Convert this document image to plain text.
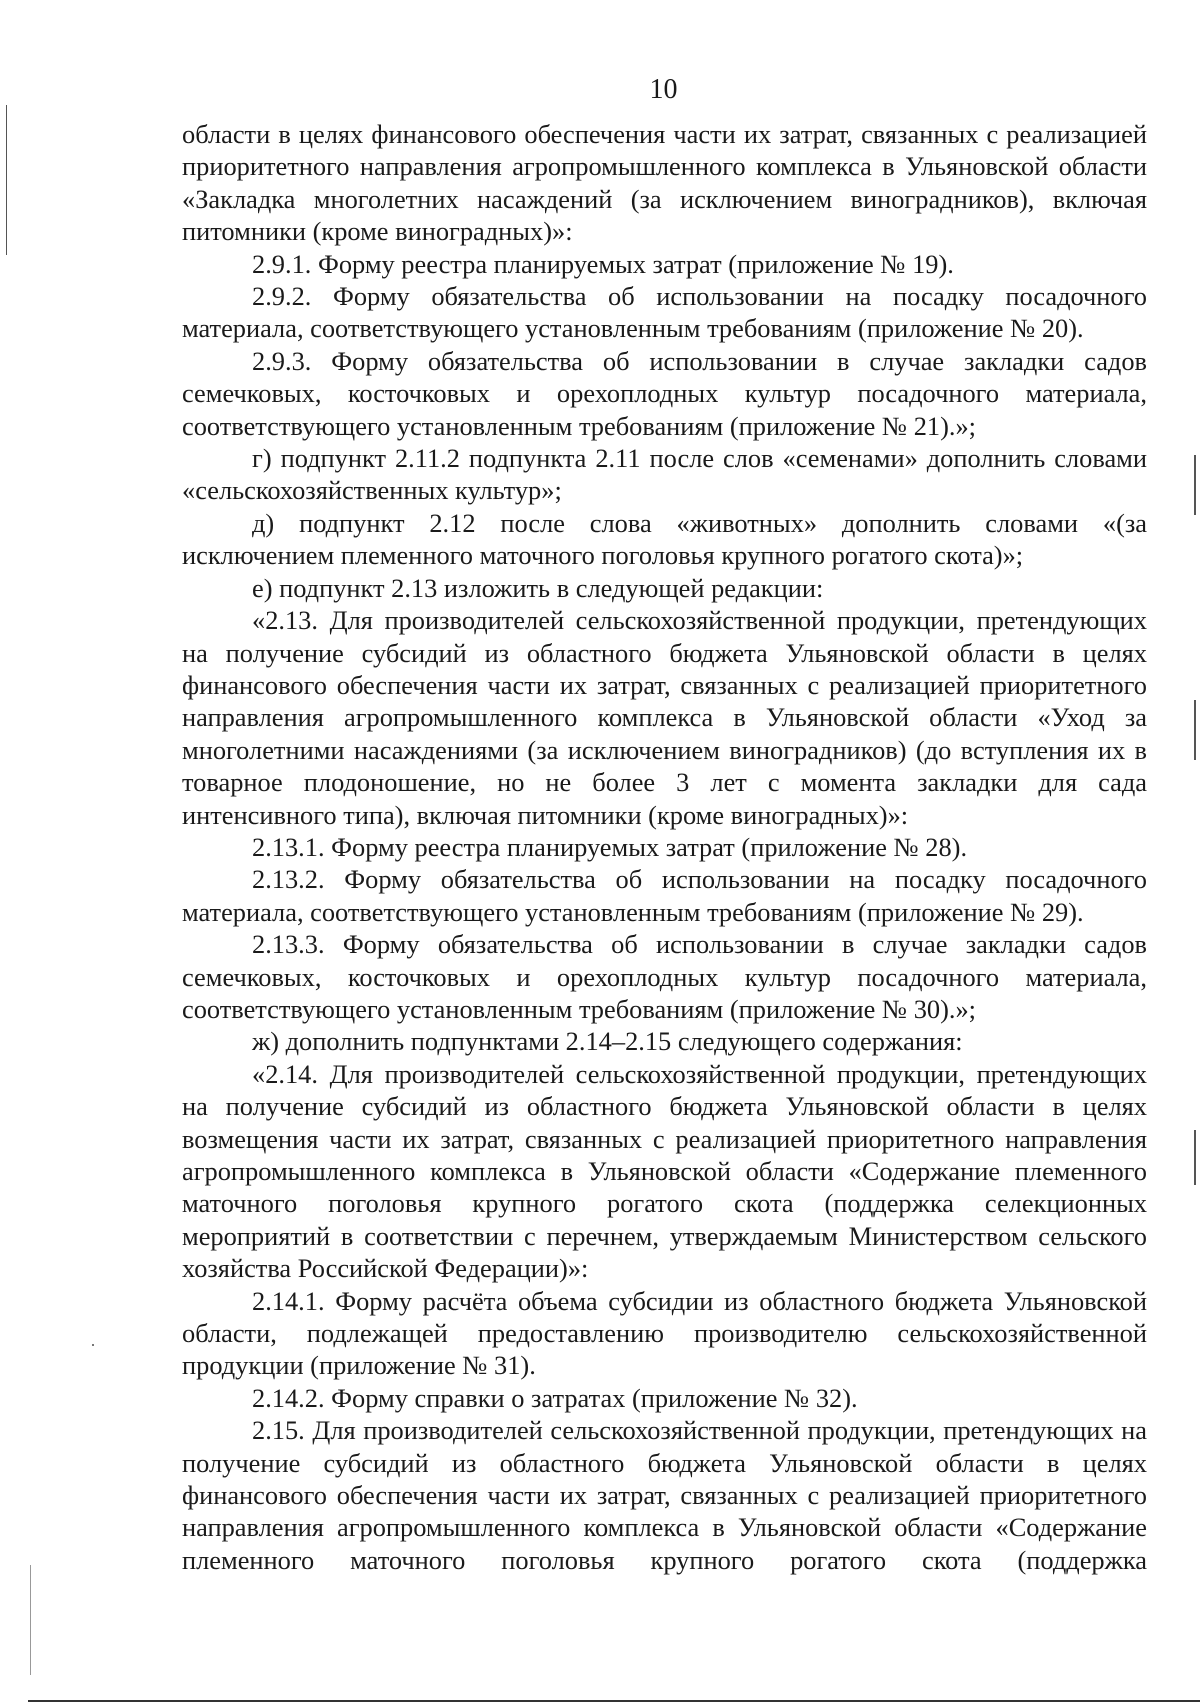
10

области в целях финансового обеспечения части их затрат, связанных с реализацией приоритетного направления агропромышленного комплекса в Ульяновской области «Закладка многолетних насаждений (за исключением виноградников), включая питомники (кроме виноградных)»:

2.9.1. Форму реестра планируемых затрат (приложение № 19).

2.9.2. Форму обязательства об использовании на посадку посадочного материала, соответствующего установленным требованиям (приложение № 20).

2.9.3. Форму обязательства об использовании в случае закладки садов семечковых, косточковых и орехоплодных культур посадочного материала, соответствующего установленным требованиям (приложение № 21).»;

г) подпункт 2.11.2 подпункта 2.11 после слов «семенами» дополнить словами «сельскохозяйственных культур»;

д) подпункт 2.12 после слова «животных» дополнить словами «(за исключением племенного маточного поголовья крупного рогатого скота)»;

е) подпункт 2.13 изложить в следующей редакции:

«2.13. Для производителей сельскохозяйственной продукции, претендующих на получение субсидий из областного бюджета Ульяновской области в целях финансового обеспечения части их затрат, связанных с реализацией приоритетного направления агропромышленного комплекса в Ульяновской области «Уход за многолетними насаждениями (за исключением виноградников) (до вступления их в товарное плодоношение, но не более 3 лет с момента закладки для сада интенсивного типа), включая питомники (кроме виноградных)»:

2.13.1. Форму реестра планируемых затрат (приложение № 28).

2.13.2. Форму обязательства об использовании на посадку посадочного материала, соответствующего установленным требованиям (приложение № 29).

2.13.3. Форму обязательства об использовании в случае закладки садов семечковых, косточковых и орехоплодных культур посадочного материала, соответствующего установленным требованиям (приложение № 30).»;

ж) дополнить подпунктами 2.14–2.15 следующего содержания:

«2.14. Для производителей сельскохозяйственной продукции, претендующих на получение субсидий из областного бюджета Ульяновской области в целях возмещения части их затрат, связанных с реализацией приоритетного направления агропромышленного комплекса в Ульяновской области «Содержание племенного маточного поголовья крупного рогатого скота (поддержка селекционных мероприятий в соответствии с перечнем, утверждаемым Министерством сельского хозяйства Российской Федерации)»:

2.14.1. Форму расчёта объема субсидии из областного бюджета Ульяновской области, подлежащей предоставлению производителю сельскохозяйственной продукции (приложение № 31).

2.14.2. Форму справки о затратах (приложение № 32).

2.15. Для производителей сельскохозяйственной продукции, претендующих на получение субсидий из областного бюджета Ульяновской области в целях финансового обеспечения части их затрат, связанных с реализацией приоритетного направления агропромышленного комплекса в Ульяновской области «Содержание племенного маточного поголовья крупного рогатого скота (поддержка
